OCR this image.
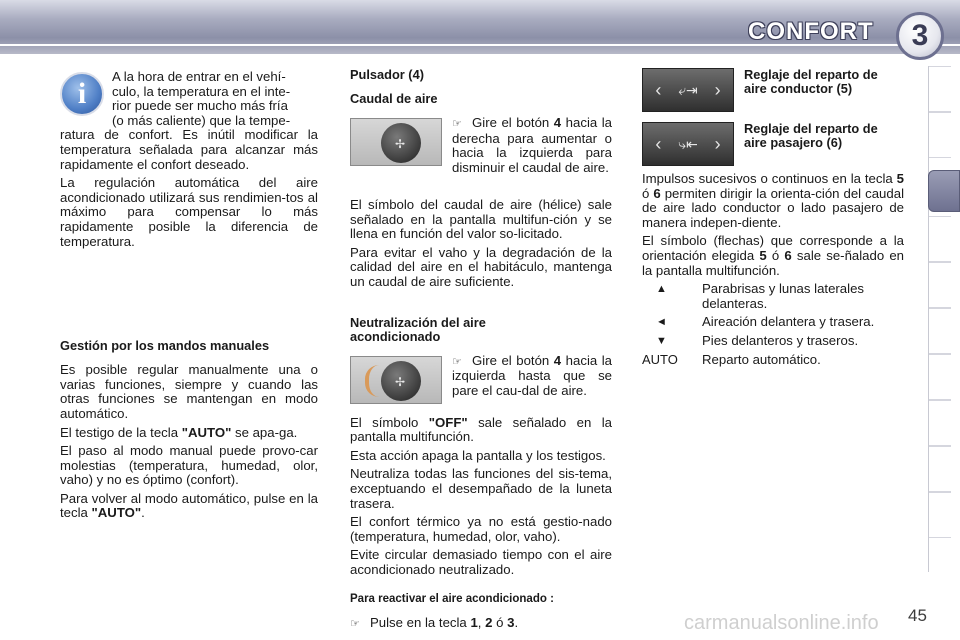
CONFORT	3
i
A la hora de entrar en el vehí-
culo, la temperatura en el inte-
rior puede ser mucho más fría
(o más caliente) que la tempe-

ratura de confort. Es inútil modificar la temperatura señalada para alcanzar más rapidamente el confort deseado.

La regulación automática del aire acondicionado utilizará sus rendimien-tos al máximo para compensar lo más rapidamente posible la diferencia de temperatura.

Gestión por los mandos manuales

Es posible regular manualmente una o varias funciones, siempre y cuando las otras funciones se mantengan en modo automático.

El testigo de la tecla "AUTO" se apa-ga.

El paso al modo manual puede provo-car molestias (temperatura, humedad, olor, vaho) y no es óptimo (confort).

Para volver al modo automático, pulse en la tecla "AUTO".

Pulsador (4)
Caudal de aire
✢
☞ Gire el botón 4 hacia la derecha para aumentar o hacia la izquierda para disminuir el caudal de aire.

El símbolo del caudal de aire (hélice) sale señalado en la pantalla multifun-ción y se llena en función del valor so-licitado.

Para evitar el vaho y la degradación de la calidad del aire en el habitáculo, mantenga un caudal de aire suficiente.

Neutralización del aire acondicionado
✢
☞ Gire el botón 4 hacia la izquierda hasta que se pare el cau-dal de aire.

El símbolo "OFF" sale señalado en la pantalla multifunción.

Esta acción apaga la pantalla y los testigos.

Neutraliza todas las funciones del sis-tema, exceptuando el desempañado de la luneta trasera.

El confort térmico ya no está gestio-nado (temperatura, humedad, olor, vaho).

Evite circular demasiado tiempo con el aire acondicionado neutralizado.

Para reactivar el aire acondicionado :
☞ Pulse en la tecla 1, 2 ó 3.
‹ ⤶⇥ ›
Reglaje del reparto de aire conductor (5)
‹ ⤷⇤ ›
Reglaje del reparto de aire pasajero (6)

Impulsos sucesivos o continuos en la tecla 5 ó 6 permiten dirigir la orienta-ción del caudal de aire lado conductor o lado pasajero de manera indepen-diente.

El símbolo (flechas) que corresponde a la orientación elegida 5 ó 6 sale se-ñalado en la pantalla multifunción.

▲	Parabrisas y lunas laterales delanteras.
◄	Aireación delantera y trasera.
▼	Pies delanteros y traseros.
AUTO	Reparto automático.
carmanualsonline.info 45
